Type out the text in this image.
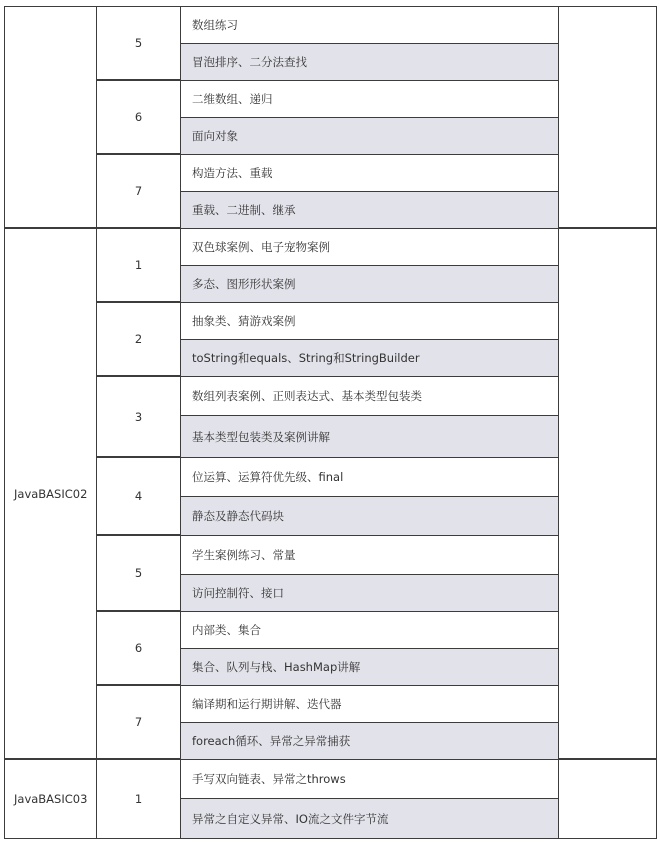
数组练习
冒泡排序、二分法查找
5
二维数组、递归
面向对象
6
构造方法、重载
重载、二进制、继承
7
双色球案例、电子宠物案例
多态、图形形状案例
1
抽象类、猜游戏案例
toString和equals、String和StringBuilder
2
数组列表案例、正则表达式、基本类型包装类
基本类型包装类及案例讲解
3
位运算、运算符优先级、final
静态及静态代码块
4
学生案例练习、常量
访问控制符、接口
5
内部类、集合
集合、队列与栈、HashMap讲解
6
编译期和运行期讲解、迭代器
foreach循环、异常之异常捕获
7
JavaBASIC02
手写双向链表、异常之throws
异常之自定义异常、IO流之文件字节流
1
JavaBASIC03
